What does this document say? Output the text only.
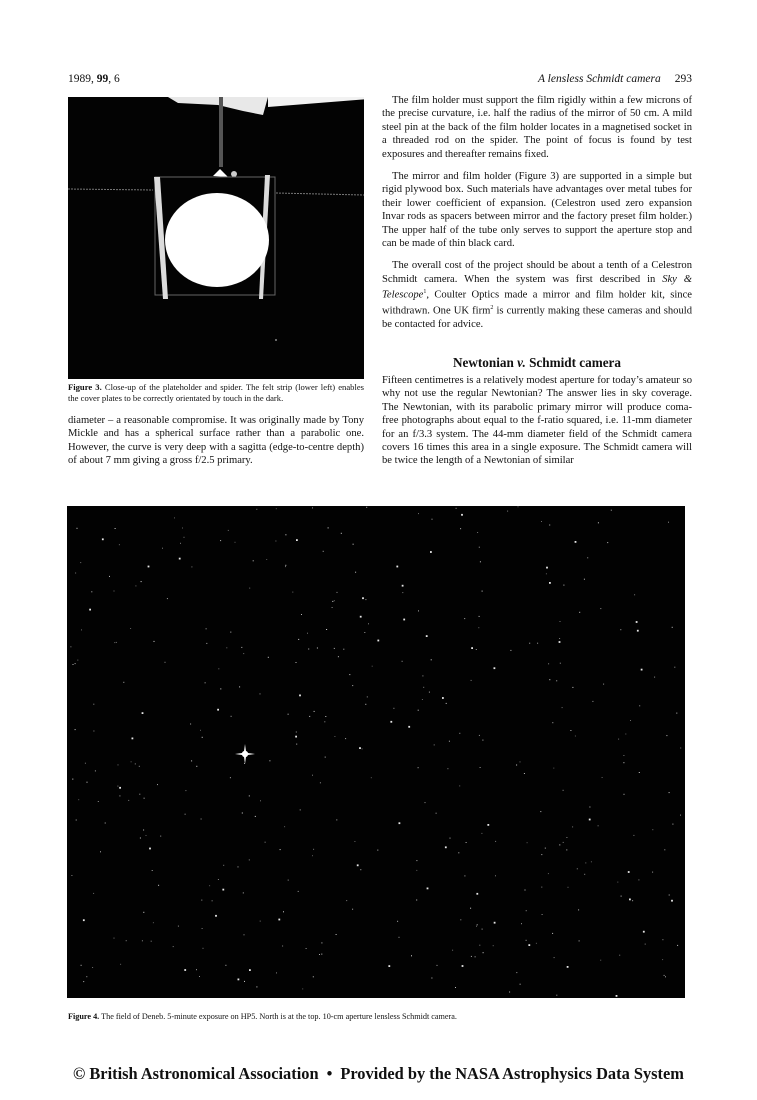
1989, 99, 6	A lensless Schmidt camera 293
Figure 3. Close-up of the plateholder and spider. The felt strip (lower left) enables the cover plates to be correctly orientated by touch in the dark.

diameter – a reasonable compromise. It was originally made by Tony Mickle and has a spherical surface rather than a parabolic one. However, the curve is very deep with a sagitta (edge-to-centre depth) of about 7 mm giving a gross f/2.5 primary.

The film holder must support the film rigidly within a few microns of the precise curvature, i.e. half the radius of the mirror of 50 cm. A mild steel pin at the back of the film holder locates in a magnetised socket in a threaded rod on the spider. The point of focus is found by test exposures and thereafter remains fixed.

The mirror and film holder (Figure 3) are supported in a simple but rigid plywood box. Such materials have advantages over metal tubes for their lower coefficient of expansion. (Celestron used zero expansion Invar rods as spacers between mirror and the factory preset film holder.) The upper half of the tube only serves to support the aperture stop and can be made of thin black card.

The overall cost of the project should be about a tenth of a Celestron Schmidt camera. When the system was first described in Sky & Telescope$^1$, Coulter Optics made a mirror and film holder kit, since withdrawn. One UK firm$^2$ is currently making these cameras and should be contacted for advice.

Newtonian v. Schmidt camera

Fifteen centimetres is a relatively modest aperture for today’s amateur so why not use the regular Newtonian? The answer lies in sky coverage. The Newtonian, with its parabolic primary mirror will produce coma-free photographs about equal to the f-ratio squared, i.e. 11-mm diameter for an f/3.3 system. The 44-mm diameter field of the Schmidt camera covers 16 times this area in a single exposure. The Schmidt camera will be twice the length of a Newtonian of similar

Figure 4. The field of Deneb. 5-minute exposure on HP5. North is at the top. 10-cm aperture lensless Schmidt camera.
© British Astronomical Association • Provided by the NASA Astrophysics Data System
